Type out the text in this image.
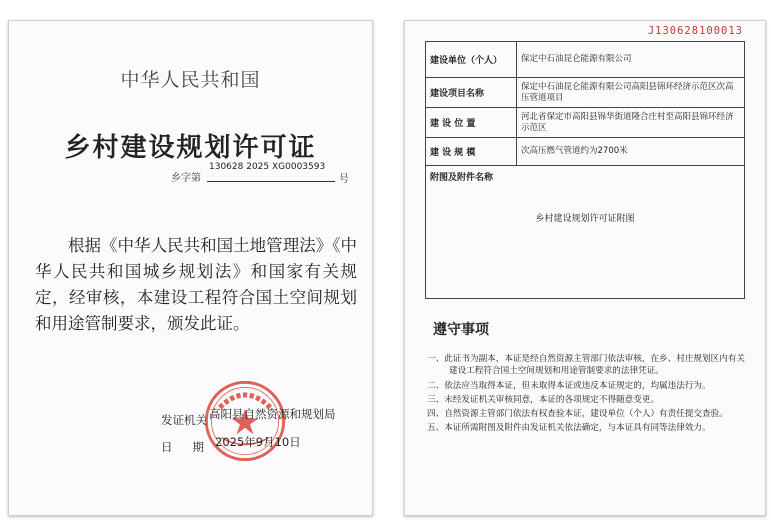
中华人民共和国
乡村建设规划许可证
乡字第
130628 2025 XG0003593
号
根据《中华人民共和国土地管理法》《中华人民共和国城乡规划法》和国家有关规定，经审核，本建设工程符合国土空间规划和用途管制要求，颁发此证。
发证机关
日期
高阳县自然资源和规划局
2025年9月10日
J130628100013
建设单位（个人）	保定中石油昆仑能源有限公司
建设项目名称	保定中石油昆仑能源有限公司高阳县锦环经济示范区次高压管道项目
建 设 位 置	河北省保定市高阳县锦华街道隆合庄村至高阳县锦环经济示范区
建 设 规 模	次高压燃气管道约为2700米

附图及附件名称
乡村建设规划许可证附图	
遵守事项
一、此证书为副本，本证是经自然资源主管部门依法审核，在乡、村庄规划区内有关建设工程符合国土空间规划和用途管制要求的法律凭证。
二、依法应当取得本证，但未取得本证或违反本证规定的，均属违法行为。
三、未经发证机关审核同意，本证的各项规定不得随意变更。
四、自然资源主管部门依法有权查验本证，建设单位（个人）有责任提交查验。
五、本证所需附图及附件由发证机关依法确定，与本证具有同等法律效力。
